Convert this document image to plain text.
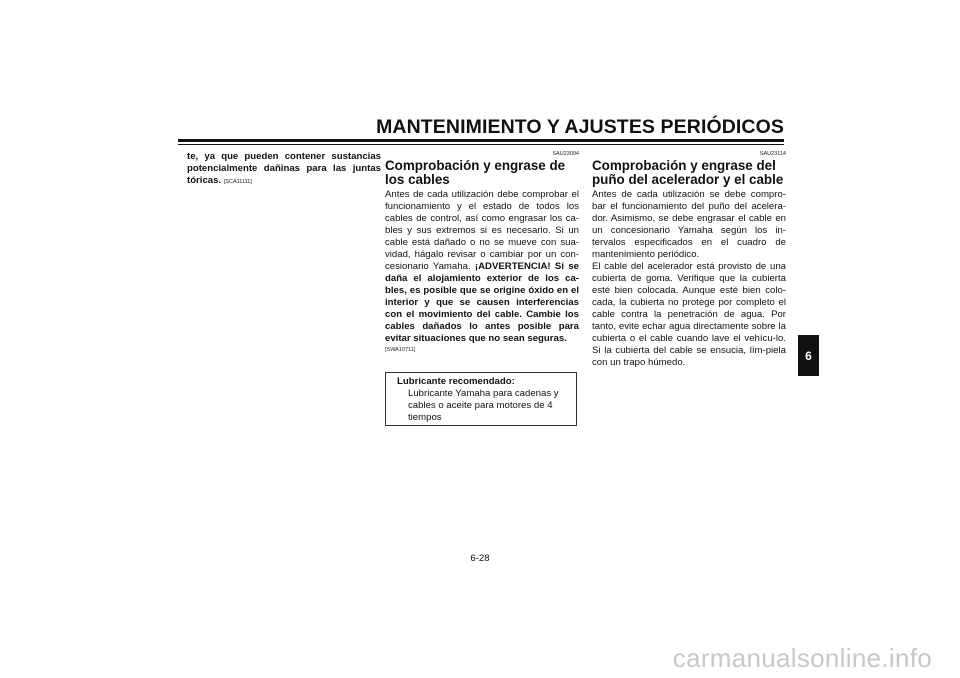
MANTENIMIENTO Y AJUSTES PERIÓDICOS

te, ya que pueden contener sustancias potencialmente dañinas para las juntas tóricas. [SCA11111]

SAU23094
Comprobación y engrase de los cables

Antes de cada utilización debe comprobar el funcionamiento y el estado de todos los cables de control, así como engrasar los ca-bles y sus extremos si es necesario. Si un cable está dañado o no se mueve con sua-vidad, hágalo revisar o cambiar por un con-cesionario Yamaha. ¡ADVERTENCIA! Si se daña el alojamiento exterior de los ca-bles, es posible que se origine óxido en el interior y que se causen interferencias con el movimiento del cable. Cambie los cables dañados lo antes posible para evitar situaciones que no sean seguras.

[SWA10711]
Lubricante recomendado:
Lubricante Yamaha para cadenas y cables o aceite para motores de 4 tiempos
SAU23114
Comprobación y engrase del puño del acelerador y el cable

Antes de cada utilización se debe compro-bar el funcionamiento del puño del acelera-dor. Asimismo, se debe engrasar el cable en un concesionario Yamaha según los in-tervalos especificados en el cuadro de mantenimiento periódico.

El cable del acelerador está provisto de una cubierta de goma. Verifique que la cubierta esté bien colocada. Aunque esté bien colo-cada, la cubierta no protege por completo el cable contra la penetración de agua. Por tanto, evite echar agua directamente sobre la cubierta o el cable cuando lave el vehícu-lo. Si la cubierta del cable se ensucia, lím-piela con un trapo húmedo.	6
6-28
carmanualsonline.info
